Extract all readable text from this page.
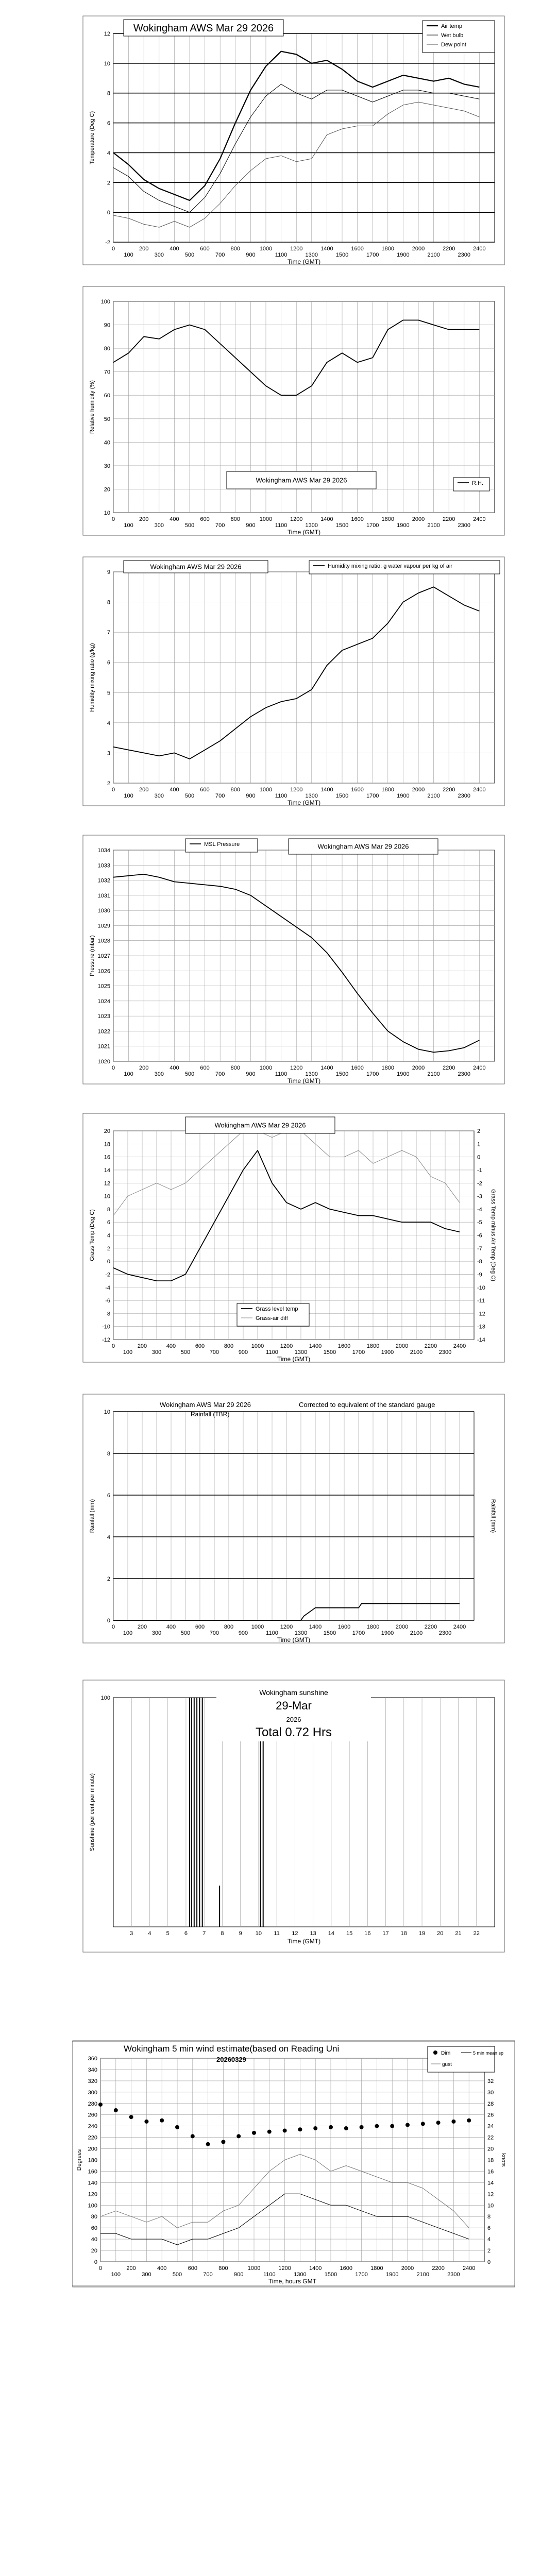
-2
0
2
4
6
8
10
12
0
100
200
300
400
500
600
700
800
900
1000
1100
1200
1300
1400
1500
1600
1700
1800
1900
2000
2100
2200
2300
2400
Time (GMT)
Temperature (Deg C)
Wokingham AWS Mar 29 2026	Air temp
Wet bulb
Dew point
10
20
30
40
50
60
70
80
90
100
0
100
200
300
400
500
600
700
800
900
1000
1100
1200
1300
1400
1500
1600
1700
1800
1900
2000
2100
2200
2300
2400
Time (GMT)
Relative humidity (%)
Wokingham AWS Mar 29 2026	R.H.
2
3
4
5
6
7
8
9
0
100
200
300
400
500
600
700
800
900
1000
1100
1200
1300
1400
1500
1600
1700
1800
1900
2000
2100
2200
2300
2400
Time (GMT)
Humidity mixing ratio (g/kg)
Wokingham AWS Mar 29 2026	Humidity mixing ratio: g water vapour per kg of air
1020
1021
1022
1023
1024
1025
1026
1027
1028
1029
1030
1031
1032
1033
1034
0
100
200
300
400
500
600
700
800
900
1000
1100
1200
1300
1400
1500
1600
1700
1800
1900
2000
2100
2200
2300
2400
Time (GMT)
Pressure (mbar)
MSL Pressure	Wokingham AWS Mar 29 2026
-12
-10
-8
-6
-4
-2
0
2
4
6
8
10
12
14
16
18
20
-14
-13
-12
-11
-10
-9
-8
-7
-6
-5
-4
-3
-2
-1
0
1
2
0
100
200
300
400
500
600
700
800
900
1000
1100
1200
1300
1400
1500
1600
1700
1800
1900
2000
2100
2200
2300
2400
Time (GMT)
Grass Temp (Deg C)	Grass Temp minus Air Temp (Deg C)
Wokingham AWS Mar 29 2026
Grass level temp
Grass-air diff
0
2
4
6
8
10
0
100
200
300
400
500
600
700
800
900
1000
1100
1200
1300
1400
1500
1600
1700
1800
1900
2000
2100
2200
2300
2400
Time (GMT)
Rainfall (mm)	Rainfall (mm)
Wokingham AWS Mar 29 2026
Rainfall (TBR)
Corrected to equivalent of the standard gauge
100
3	4	5	6	7	8	9 10 11 12 13 14 15 16 17 18 19 20 21 22
Time (GMT)
Sunshine (per cent per minute)
Wokingham sunshine
29-Mar
2026
Total 0.72 Hrs
0
20
40
60
80
100
120
140
160
180
200
220
240
260
280
300
320
340
360
0
2
4
6
8
10
12
14
16
18
20
22
24
26
28
30
32
0
100
200
300
400
500
600
700
800
900
1000
1100
1200
1300
1400
1500
1600
1700
1800
1900
2000
2100
2200
2300
2400
Time, hours GMT
Degrees	knots
Wokingham 5 min wind estimate(based on Reading Uni
20260329
Dirn	5 min mean sp
gust
